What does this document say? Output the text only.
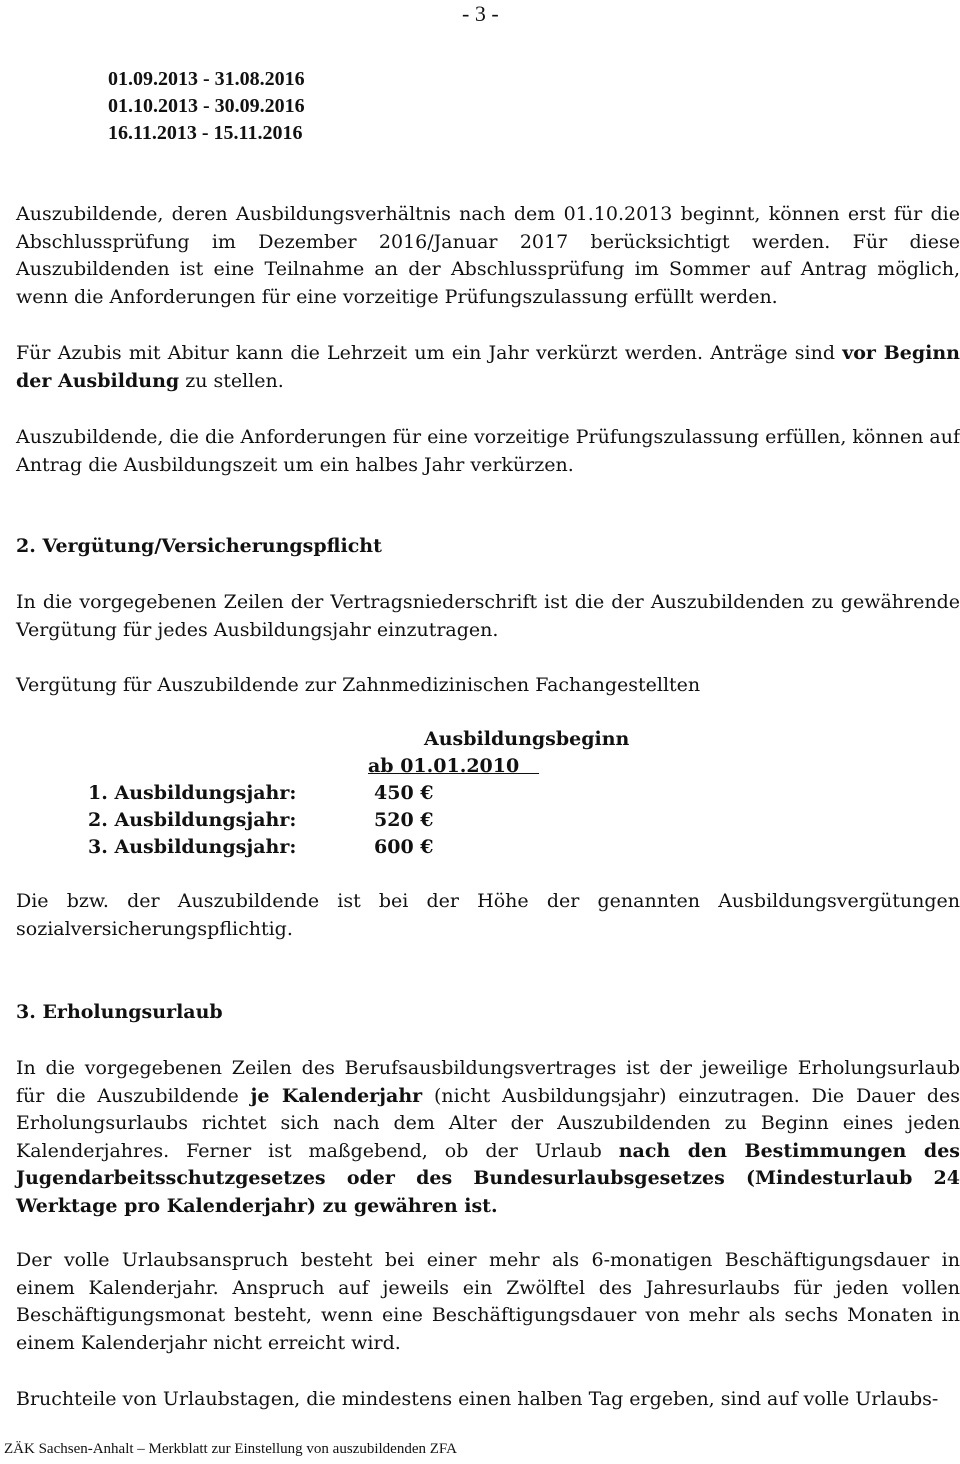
- 3 -
01.09.2013 - 31.08.2016
01.10.2013 - 30.09.2016
16.11.2013 - 15.11.2016

Auszubildende, deren Ausbildungsverhältnis nach dem 01.10.2013 beginnt, können erst für die Abschlussprüfung im Dezember 2016/Januar 2017 berücksichtigt werden. Für diese Auszubildenden ist eine Teilnahme an der Abschlussprüfung im Sommer auf Antrag möglich, wenn die Anforderungen für eine vorzeitige Prüfungszulassung erfüllt werden.

Für Azubis mit Abitur kann die Lehrzeit um ein Jahr verkürzt werden. Anträge sind vor Beginn der Ausbildung zu stellen.

Auszubildende, die die Anforderungen für eine vorzeitige Prüfungszulassung erfüllen, können auf Antrag die Ausbildungszeit um ein halbes Jahr verkürzen.

2. Vergütung/Versicherungspflicht

In die vorgegebenen Zeilen der Vertragsniederschrift ist die der Auszubildenden zu gewährende Vergütung für jedes Ausbildungsjahr einzutragen.

Vergütung für Auszubildende zur Zahnmedizinischen Fachangestellten

Ausbildungsbeginn
ab 01.01.2010
1. Ausbildungsjahr:	450 €
2. Ausbildungsjahr:	520 €
3. Ausbildungsjahr:	600 €

Die bzw. der Auszubildende ist bei der Höhe der genannten Ausbildungsvergütungen sozialversicherungspflichtig.

3. Erholungsurlaub

In die vorgegebenen Zeilen des Berufsausbildungsvertrages ist der jeweilige Erholungsurlaub für die Auszubildende je Kalenderjahr (nicht Ausbildungsjahr) einzutragen. Die Dauer des Erholungsurlaubs richtet sich nach dem Alter der Auszubildenden zu Beginn eines jeden Kalenderjahres. Ferner ist maßgebend, ob der Urlaub nach den Bestimmungen des Jugendarbeitsschutzgesetzes oder des Bundesurlaubsgesetzes (Mindesturlaub 24 Werktage pro Kalenderjahr) zu gewähren ist.

Der volle Urlaubsanspruch besteht bei einer mehr als 6-monatigen Beschäftigungsdauer in einem Kalenderjahr. Anspruch auf jeweils ein Zwölftel des Jahresurlaubs für jeden vollen Beschäftigungsmonat besteht, wenn eine Beschäftigungsdauer von mehr als sechs Monaten in einem Kalenderjahr nicht erreicht wird.

Bruchteile von Urlaubstagen, die mindestens einen halben Tag ergeben, sind auf volle Urlaubs-

ZÄK Sachsen-Anhalt – Merkblatt zur Einstellung von auszubildenden ZFA
